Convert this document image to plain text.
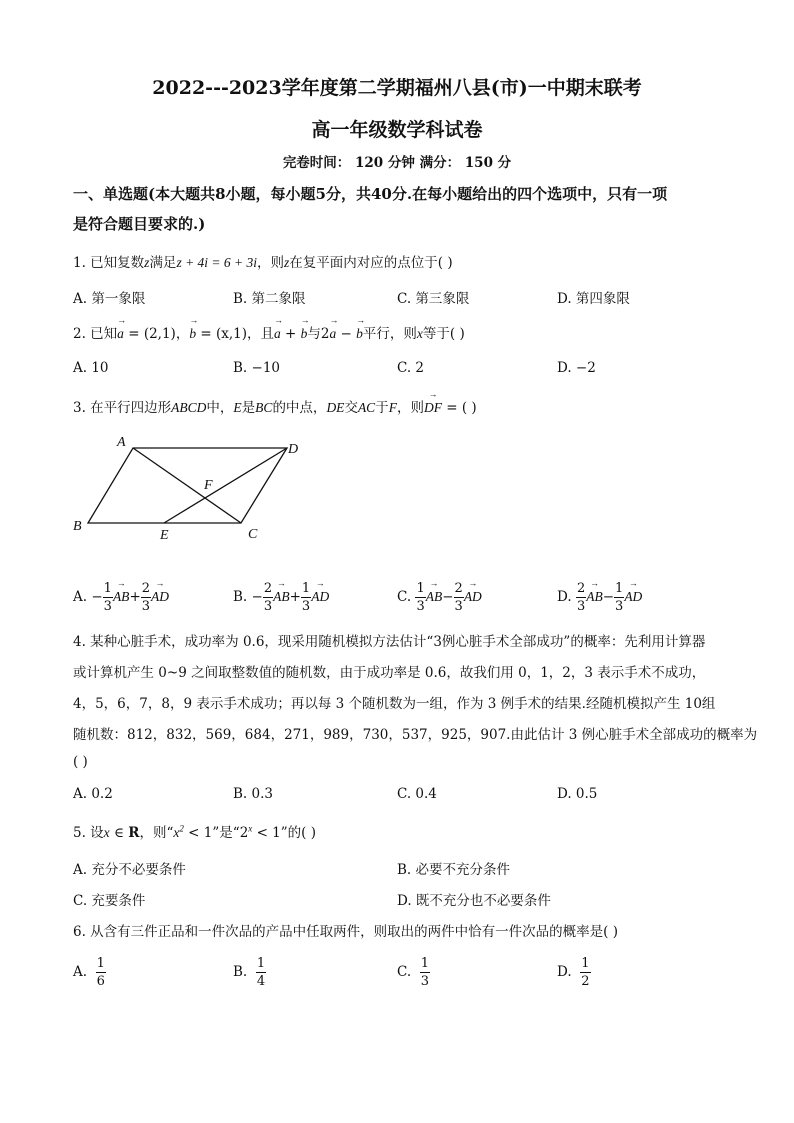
2022---2023学年度第二学期福州八县(市)一中期末联考
高一年级数学科试卷
完卷时间： 120 分钟 满分： 150 分
一、单选题(本大题共8小题，每小题5分，共40分.在每小题给出的四个选项中，只有一项
是符合题目要求的.)
1. 已知复数z满足z + 4i = 6 + 3i，则z在复平面内对应的点位于( )
A. 第一象限	B. 第二象限	C. 第三象限	D. 第四象限
2. 已知→ a = (2,1)，→ b = (x,1)，且→ a + → b与2→ a − → b平行，则x等于( )
A. 10	B. −10	C. 2	D. −2
3. 在平行四边形ABCD中，E是BC的中点，DE交AC于F，则→ DF = ( )
A	D
B
C
E
F
A. − $\frac{1}{3}$
→ $AB+ \frac{2}{3}$
→ AD	B. − $\frac{2}{3}$
→ $AB+ \frac{1}{3}$
→ AD	C. $\frac{1}{3}$
→ $AB- \frac{2}{3}$
→ AD	D. $\frac{2}{3}$
→ $AB- \frac{1}{3}$
→ AD
4. 某种心脏手术，成功率为 0.6，现采用随机模拟方法估计“3例心脏手术全部成功”的概率：先利用计算器
或计算机产生 0~9 之间取整数值的随机数，由于成功率是 0.6，故我们用 0，1，2，3 表示手术不成功，
4，5，6，7，8，9 表示手术成功；再以每 3 个随机数为一组，作为 3 例手术的结果.经随机模拟产生 10组
随机数：812，832，569，684，271，989，730，537，925，907.由此估计 3 例心脏手术全部成功的概率为
( )
A. 0.2	B. 0.3	C. 0.4	D. 0.5
5. 设x ∈ R，则“$x^2 < 1$”是“$2^x < 1$”的( )
A. 充分不必要条件	B. 必要不充分条件
C. 充要条件	D. 既不充分也不必要条件
6. 从含有三件正品和一件次品的产品中任取两件，则取出的两件中恰有一件次品的概率是( )
A. $\frac{1}{6}$	B. $\frac{1}{4}$	C. $\frac{1}{3}$	D. $\frac{1}{2}$
